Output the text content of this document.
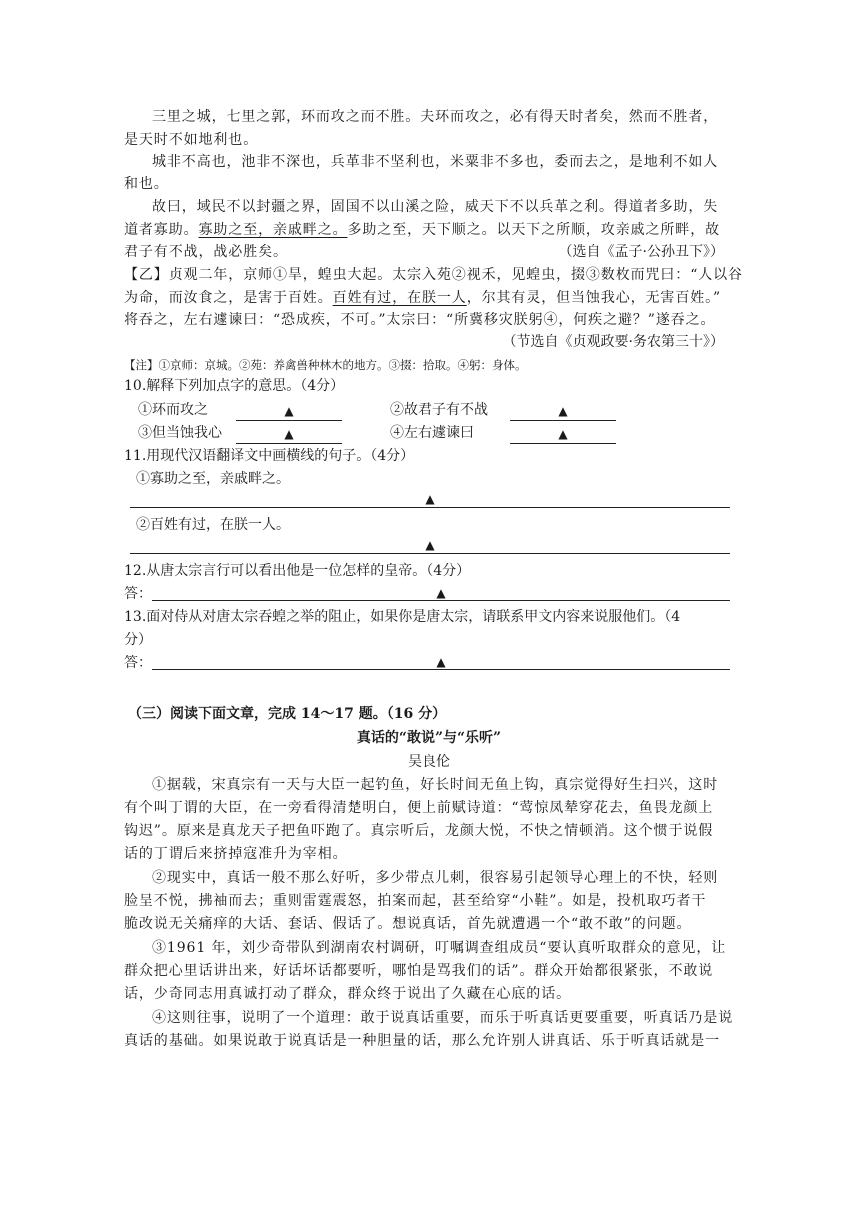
三里之城，七里之郭，环而攻之而不胜。夫环而攻之，必有得天时者矣，然而不胜者，
是天时不如地利也。
城非不高也，池非不深也，兵革非不坚利也，米粟非不多也，委而去之，是地利不如人
和也。
故曰，域民不以封疆之界，固国不以山溪之险，威天下不以兵革之利。得道者多助，失
道者寡助。寡助之至，亲戚畔之。多助之至，天下顺之。以天下之所顺，攻亲戚之所畔，故
君子有不战，战必胜矣。	（选自《孟子·公孙丑下》）
【乙】贞观二年，京师①旱，蝗虫大起。太宗入苑②视禾，见蝗虫，掇③数枚而咒曰：“人以谷
为命，而汝食之，是害于百姓。百姓有过，在朕一人，尔其有灵，但当蚀我心，无害百姓。”
将吞之，左右遽谏曰：“恐成疾，不可。”太宗曰：“所冀移灾朕躬④，何疾之避？”遂吞之。
（节选自《贞观政要·务农第三十》）
【注】①京师：京城。②苑：养禽兽种林木的地方。③掇：拾取。④躬：身体。
10.解释下列加点字的意思。（4分）
①环而攻之	▲	②故君子有不战	▲
③但当蚀我心	▲	④左右遽谏曰	▲
11.用现代汉语翻译文中画横线的句子。（4分）
①寡助之至，亲戚畔之。
▲
②百姓有过，在朕一人。
▲
12.从唐太宗言行可以看出他是一位怎样的皇帝。（4分）
答：	▲
13.面对侍从对唐太宗吞蝗之举的阻止，如果你是唐太宗，请联系甲文内容来说服他们。（4
分）
答：	▲
（三）阅读下面文章，完成 14～17 题。（16 分）
真话的“敢说”与“乐听”
吴良伦
①据载，宋真宗有一天与大臣一起钓鱼，好长时间无鱼上钩，真宗觉得好生扫兴，这时
有个叫丁谓的大臣，在一旁看得清楚明白，便上前赋诗道：“莺惊凤辇穿花去，鱼畏龙颜上
钩迟”。原来是真龙天子把鱼吓跑了。真宗听后，龙颜大悦，不快之情顿消。这个惯于说假
话的丁谓后来挤掉寇准升为宰相。
②现实中，真话一般不那么好听，多少带点儿刺，很容易引起领导心理上的不快，轻则
脸呈不悦，拂袖而去；重则雷霆震怒，拍案而起，甚至给穿“小鞋”。如是，投机取巧者干
脆改说无关痛痒的大话、套话、假话了。想说真话，首先就遭遇一个“敢不敢”的问题。
③1961 年，刘少奇带队到湖南农村调研，叮嘱调查组成员“要认真听取群众的意见，让
群众把心里话讲出来，好话坏话都要听，哪怕是骂我们的话”。群众开始都很紧张，不敢说
话，少奇同志用真诚打动了群众，群众终于说出了久藏在心底的话。
④这则往事，说明了一个道理：敢于说真话重要，而乐于听真话更要重要，听真话乃是说
真话的基础。如果说敢于说真话是一种胆量的话，那么允许别人讲真话、乐于听真话就是一
